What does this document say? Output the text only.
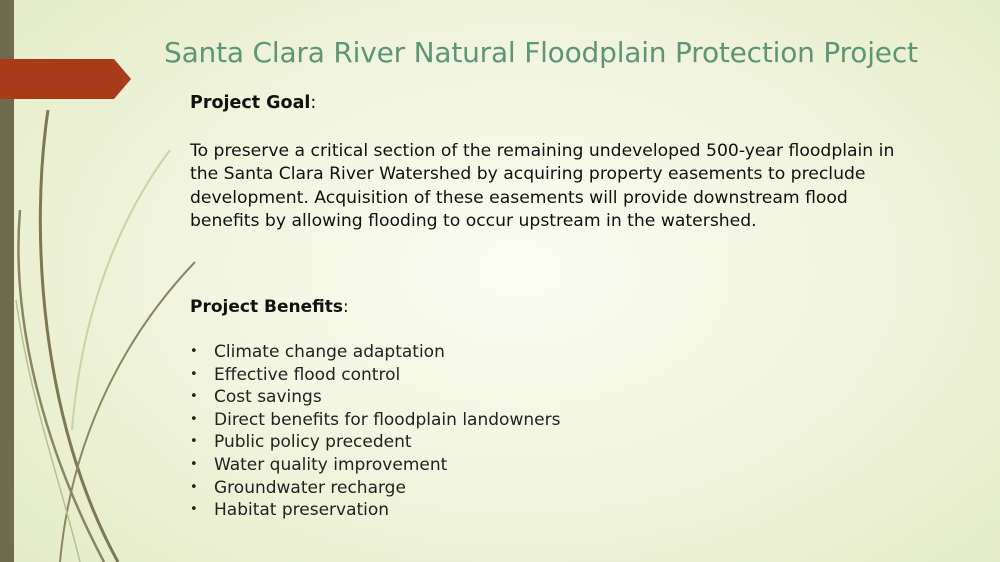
Santa Clara River Natural Floodplain Protection Project
Project Goal:
To preserve a critical section of the remaining undeveloped 500-year floodplain in the Santa Clara River Watershed by acquiring property easements to preclude development. Acquisition of these easements will provide downstream flood benefits by allowing flooding to occur upstream in the watershed.
Project Benefits:
• Climate change adaptation
• Effective flood control
• Cost savings
• Direct benefits for floodplain landowners
• Public policy precedent
• Water quality improvement
• Groundwater recharge
• Habitat preservation
